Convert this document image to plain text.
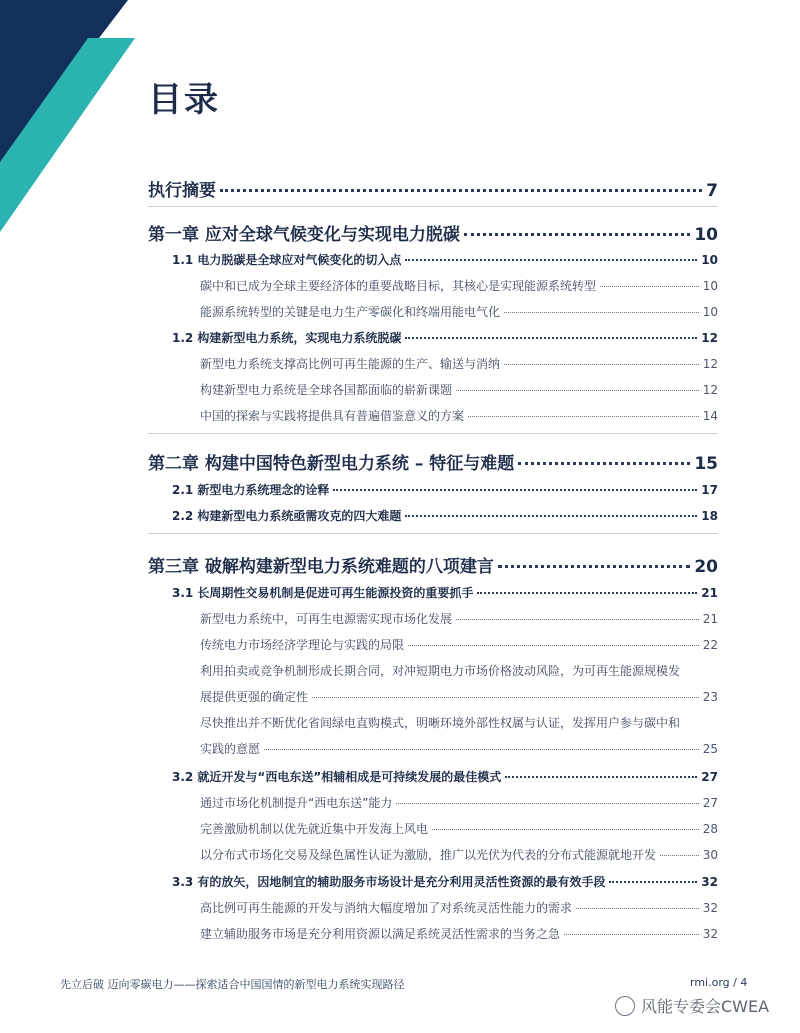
目录
执行摘要	7
第一章 应对全球气候变化与实现电力脱碳	10
1.1 电力脱碳是全球应对气候变化的切入点	10
碳中和已成为全球主要经济体的重要战略目标，其核心是实现能源系统转型	10
能源系统转型的关键是电力生产零碳化和终端用能电气化	10
1.2 构建新型电力系统，实现电力系统脱碳	12
新型电力系统支撑高比例可再生能源的生产、输送与消纳	12
构建新型电力系统是全球各国都面临的崭新课题	12
中国的探索与实践将提供具有普遍借鉴意义的方案	14
第二章 构建中国特色新型电力系统 – 特征与难题	15
2.1 新型电力系统理念的诠释	17
2.2 构建新型电力系统亟需攻克的四大难题	18
第三章 破解构建新型电力系统难题的八项建言	20
3.1 长周期性交易机制是促进可再生能源投资的重要抓手	21
新型电力系统中，可再生电源需实现市场化发展	21
传统电力市场经济学理论与实践的局限	22
利用拍卖或竞争机制形成长期合同，对冲短期电力市场价格波动风险，为可再生能源规模发
展提供更强的确定性	23
尽快推出并不断优化省间绿电直购模式，明晰环境外部性权属与认证，发挥用户参与碳中和
实践的意愿	25
3.2 就近开发与“西电东送”相辅相成是可持续发展的最佳模式	27
通过市场化机制提升“西电东送”能力	27
完善激励机制以优先就近集中开发海上风电	28
以分布式市场化交易及绿色属性认证为激励，推广以光伏为代表的分布式能源就地开发	30
3.3 有的放矢，因地制宜的辅助服务市场设计是充分利用灵活性资源的最有效手段	32
高比例可再生能源的开发与消纳大幅度增加了对系统灵活性能力的需求	32
建立辅助服务市场是充分利用资源以满足系统灵活性需求的当务之急	32
先立后破 迈向零碳电力——探索适合中国国情的新型电力系统实现路径	rmi.org / 4
风能专委会CWEA
